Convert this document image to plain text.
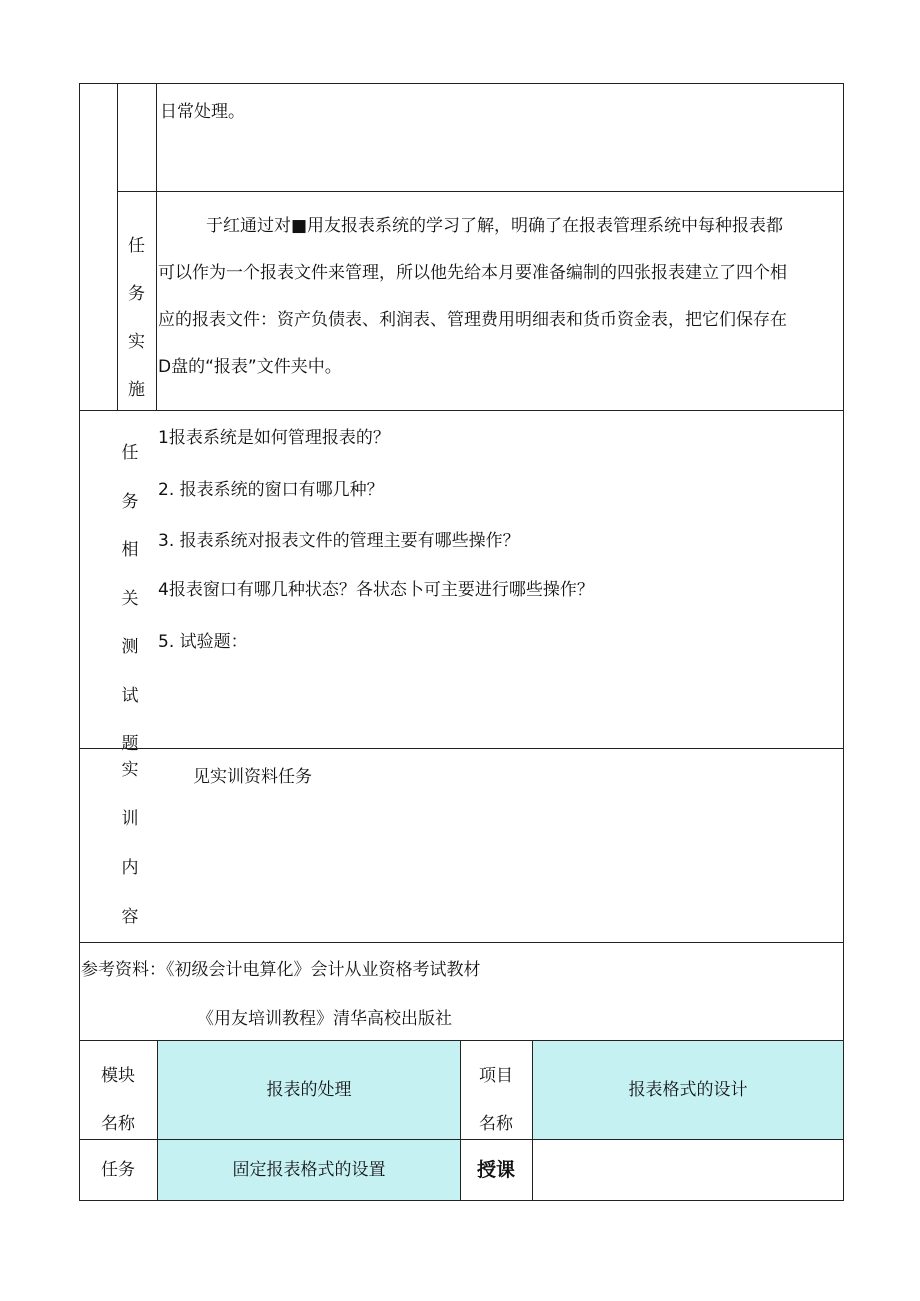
日常处理。
任
务
实
施
于红通过对■用友报表系统的学习了解，明确了在报表管理系统中每种报表都
可以作为一个报表文件来管理，所以他先给本月要准备编制的四张报表建立了四个相
应的报表文件：资产负债表、利润表、管理费用明细表和货币资金表，把它们保存在
D盘的“报表”文件夹中。
任
务
相
关
测
试
题
1报表系统是如何管理报表的？
2. 报表系统的窗口有哪几种？
3. 报表系统对报表文件的管理主要有哪些操作？
4报表窗口有哪几种状态？各状态卜可主要进行哪些操作？
5. 试验题：
实
训
内
容
见实训资料任务
参考资料：《初级会计电算化》会计从业资格考试教材
《用友培训教程》清华高校出版社
模块
名称
报表的处理
项目
名称
报表格式的设计
任务	固定报表格式的设置	授课
